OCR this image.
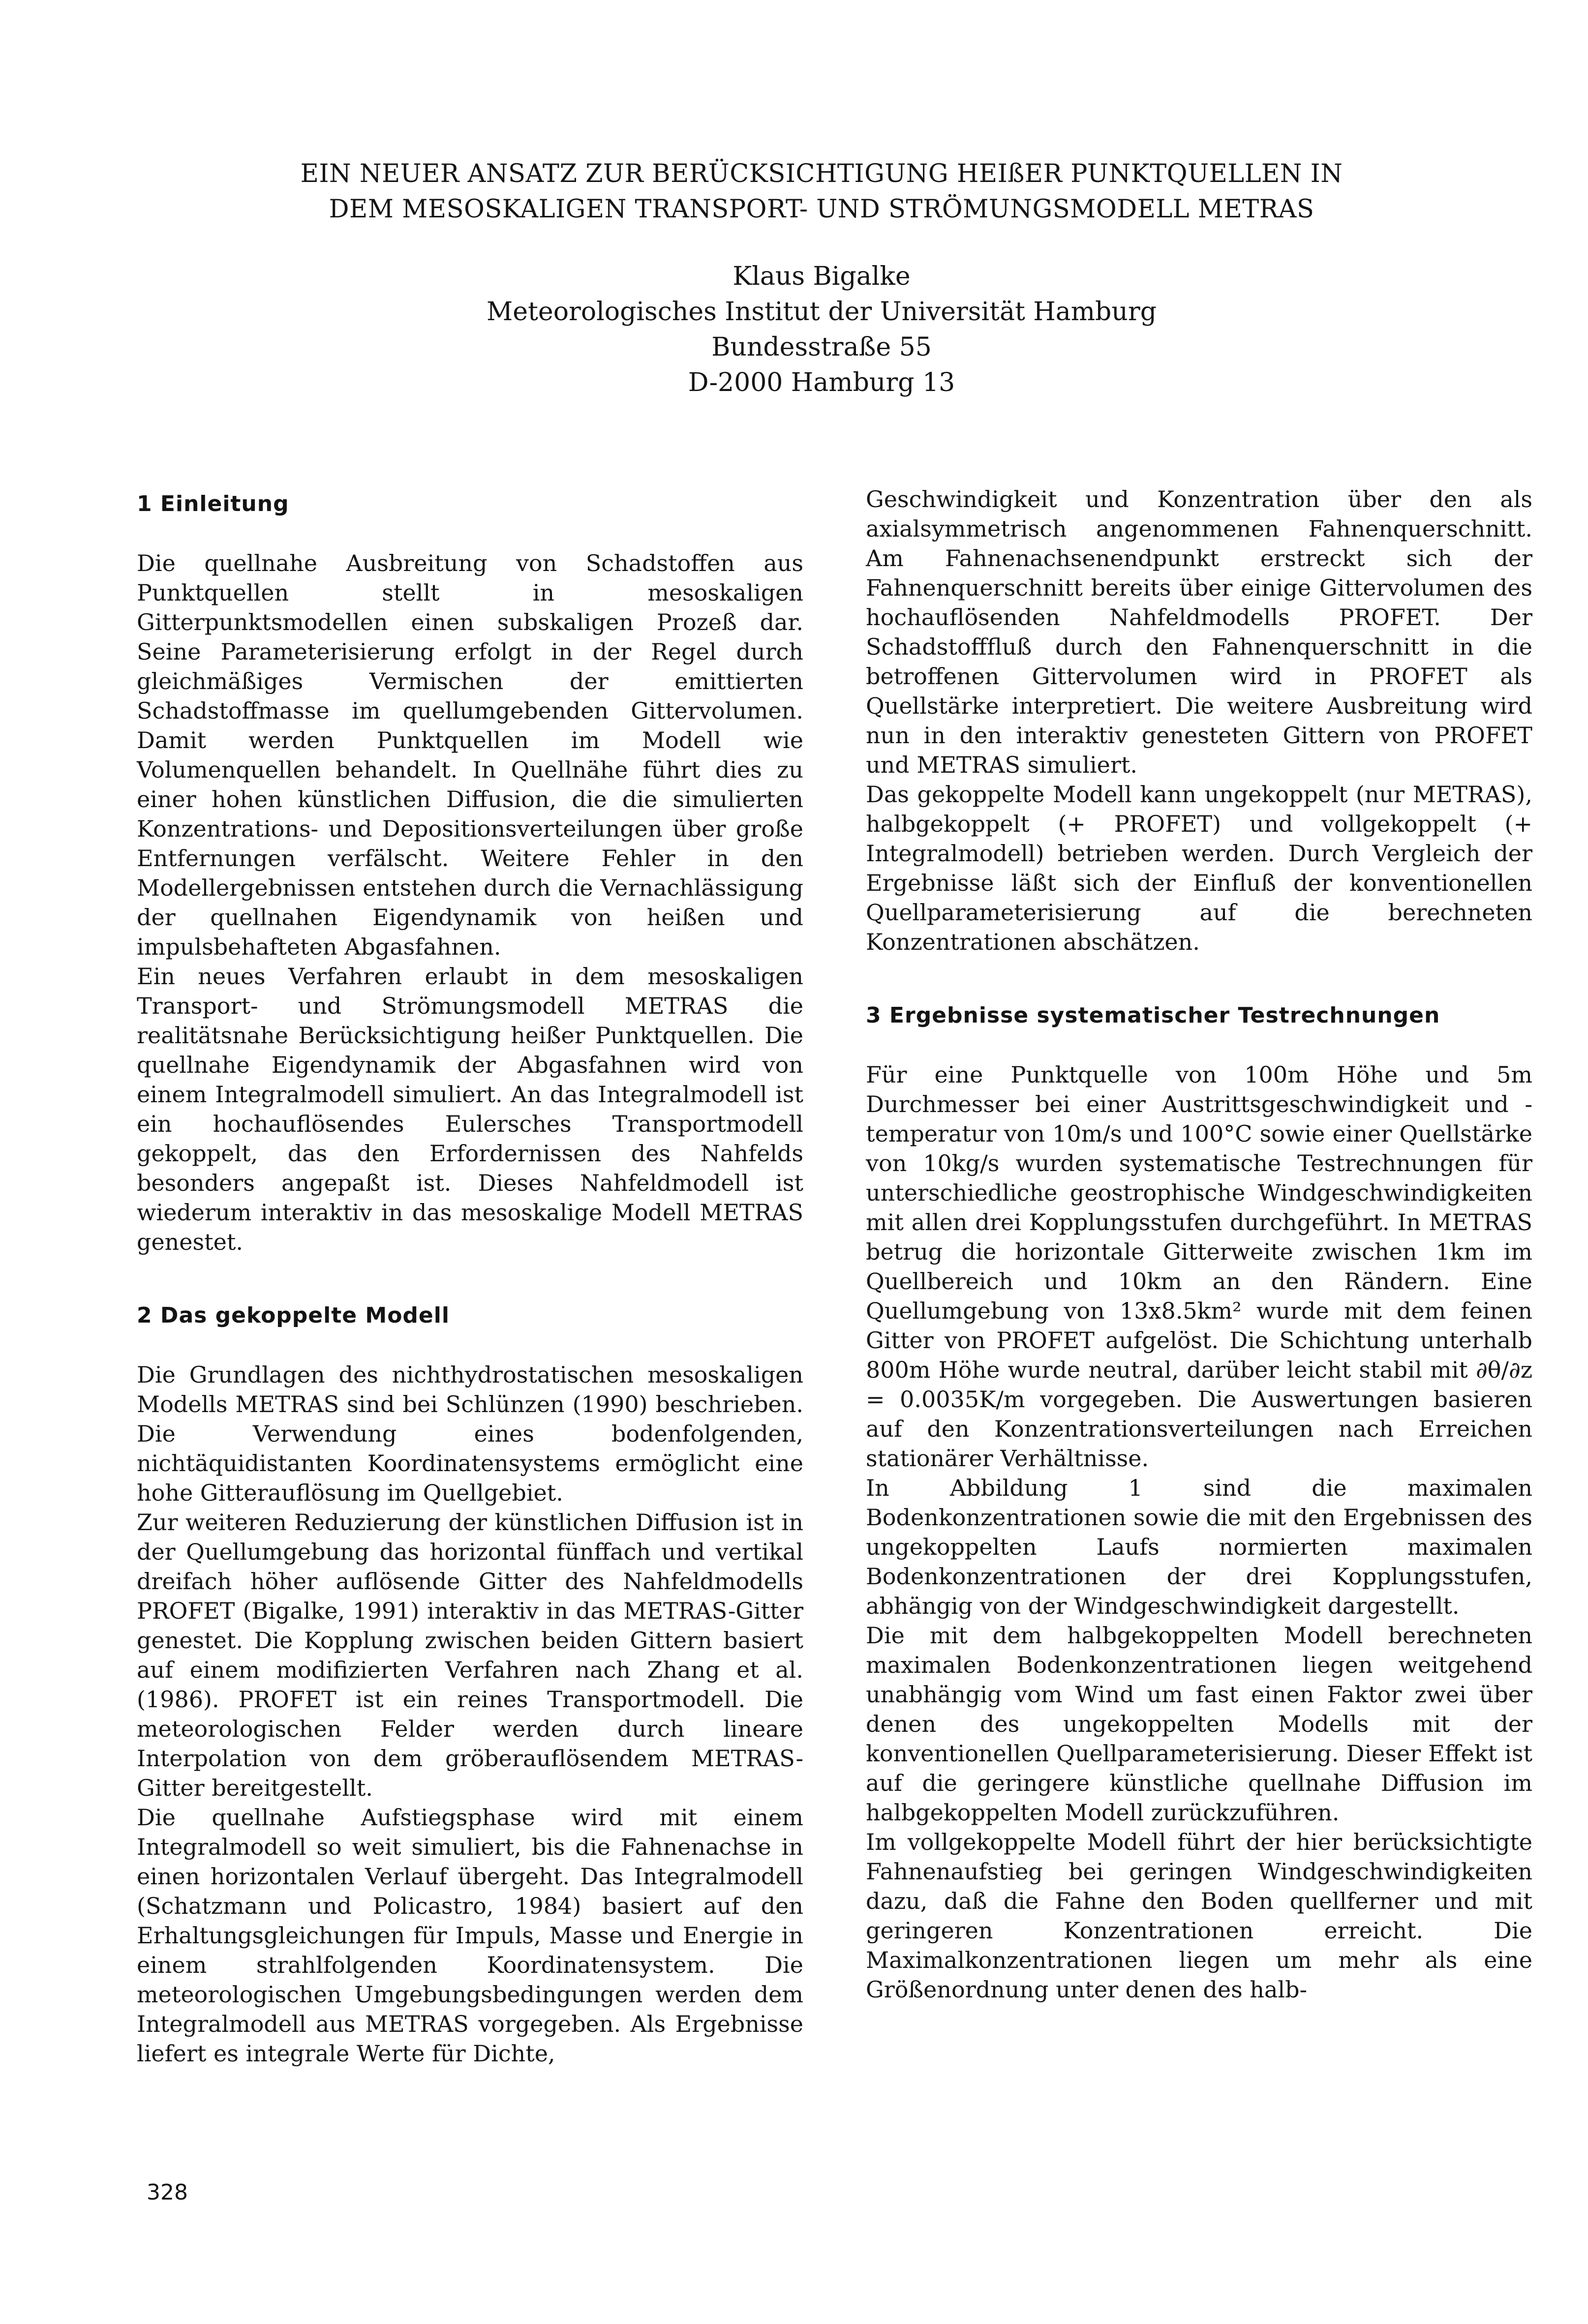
EIN NEUER ANSATZ ZUR BERÜCKSICHTIGUNG HEIßER PUNKTQUELLEN IN
DEM MESOSKALIGEN TRANSPORT- UND STRÖMUNGSMODELL METRAS
Klaus Bigalke
Meteorologisches Institut der Universität Hamburg
Bundesstraße 55
D-2000 Hamburg 13
1 Einleitung

Die quellnahe Ausbreitung von Schadstoffen aus Punktquellen stellt in mesoskaligen Gitterpunktsmodellen einen subskaligen Prozeß dar. Seine Parameterisierung erfolgt in der Regel durch gleichmäßiges Vermischen der emittierten Schadstoffmasse im quellumgebenden Gittervolumen. Damit werden Punktquellen im Modell wie Volumenquellen behandelt. In Quellnähe führt dies zu einer hohen künstlichen Diffusion, die die simulierten Konzentrations- und Depositionsverteilungen über große Entfernungen verfälscht. Weitere Fehler in den Modellergebnissen entstehen durch die Vernachlässigung der quellnahen Eigendynamik von heißen und impulsbehafteten Abgasfahnen.

Ein neues Verfahren erlaubt in dem mesoskaligen Transport- und Strömungsmodell METRAS die realitätsnahe Berücksichtigung heißer Punktquellen. Die quellnahe Eigendynamik der Abgasfahnen wird von einem Integralmodell simuliert. An das Integralmodell ist ein hochauflösendes Eulersches Transportmodell gekoppelt, das den Erfordernissen des Nahfelds besonders angepaßt ist. Dieses Nahfeldmodell ist wiederum interaktiv in das mesoskalige Modell METRAS genestet.

2 Das gekoppelte Modell

Die Grundlagen des nichthydrostatischen mesoskaligen Modells METRAS sind bei Schlünzen (1990) beschrieben. Die Verwendung eines bodenfolgenden, nichtäquidistanten Koordinatensystems ermöglicht eine hohe Gitterauflösung im Quellgebiet.

Zur weiteren Reduzierung der künstlichen Diffusion ist in der Quellumgebung das horizontal fünffach und vertikal dreifach höher auflösende Gitter des Nahfeldmodells PROFET (Bigalke, 1991) interaktiv in das METRAS-Gitter genestet. Die Kopplung zwischen beiden Gittern basiert auf einem modifizierten Verfahren nach Zhang et al. (1986). PROFET ist ein reines Transportmodell. Die meteorologischen Felder werden durch lineare Interpolation von dem gröberauflösendem METRAS-Gitter bereitgestellt.

Die quellnahe Aufstiegsphase wird mit einem Integralmodell so weit simuliert, bis die Fahnenachse in einen horizontalen Verlauf übergeht. Das Integralmodell (Schatzmann und Policastro, 1984) basiert auf den Erhaltungsgleichungen für Impuls, Masse und Energie in einem strahlfolgenden Koordinatensystem. Die meteorologischen Umgebungsbedingungen werden dem Integralmodell aus METRAS vorgegeben. Als Ergebnisse liefert es integrale Werte für Dichte,

Geschwindigkeit und Konzentration über den als axialsymmetrisch angenommenen Fahnenquerschnitt. Am Fahnenachsenendpunkt erstreckt sich der Fahnenquerschnitt bereits über einige Gittervolumen des hochauflösenden Nahfeldmodells PROFET. Der Schadstofffluß durch den Fahnenquerschnitt in die betroffenen Gittervolumen wird in PROFET als Quellstärke interpretiert. Die weitere Ausbreitung wird nun in den interaktiv genesteten Gittern von PROFET und METRAS simuliert.

Das gekoppelte Modell kann ungekoppelt (nur METRAS), halbgekoppelt (+ PROFET) und vollgekoppelt (+ Integralmodell) betrieben werden. Durch Vergleich der Ergebnisse läßt sich der Einfluß der konventionellen Quellparameterisierung auf die berechneten Konzentrationen abschätzen.

3 Ergebnisse systematischer Testrechnungen

Für eine Punktquelle von 100m Höhe und 5m Durchmesser bei einer Austrittsgeschwindigkeit und -temperatur von 10m/s und 100°C sowie einer Quellstärke von 10kg/s wurden systematische Testrechnungen für unterschiedliche geostrophische Windgeschwindigkeiten mit allen drei Kopplungsstufen durchgeführt. In METRAS betrug die horizontale Gitterweite zwischen 1km im Quellbereich und 10km an den Rändern. Eine Quellumgebung von 13x8.5km² wurde mit dem feinen Gitter von PROFET aufgelöst. Die Schichtung unterhalb 800m Höhe wurde neutral, darüber leicht stabil mit ∂θ/∂z = 0.0035K/m vorgegeben. Die Auswertungen basieren auf den Konzentrationsverteilungen nach Erreichen stationärer Verhältnisse.

In Abbildung 1 sind die maximalen Bodenkonzentrationen sowie die mit den Ergebnissen des ungekoppelten Laufs normierten maximalen Bodenkonzentrationen der drei Kopplungsstufen, abhängig von der Windgeschwindigkeit dargestellt.

Die mit dem halbgekoppelten Modell berechneten maximalen Bodenkonzentrationen liegen weitgehend unabhängig vom Wind um fast einen Faktor zwei über denen des ungekoppelten Modells mit der konventionellen Quellparameterisierung. Dieser Effekt ist auf die geringere künstliche quellnahe Diffusion im halbgekoppelten Modell zurückzuführen.

Im vollgekoppelte Modell führt der hier berücksichtigte Fahnenaufstieg bei geringen Windgeschwindigkeiten dazu, daß die Fahne den Boden quellferner und mit geringeren Konzentrationen erreicht. Die Maximalkonzentrationen liegen um mehr als eine Größenordnung unter denen des halb-

328
